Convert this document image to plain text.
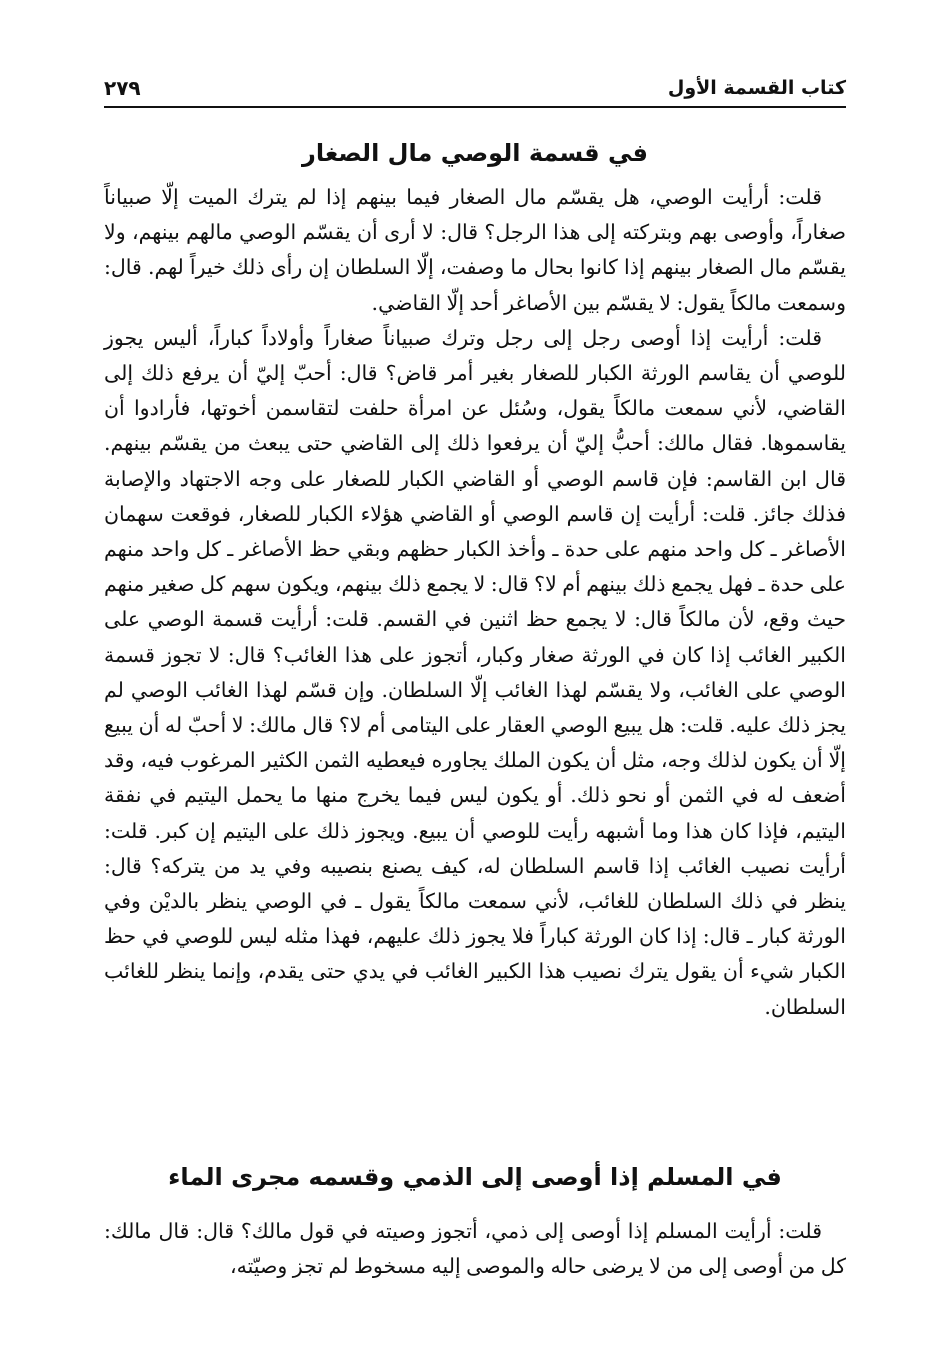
كتاب القسمة الأول
٢٧٩
في قسمة الوصي مال الصغار

قلت: أرأيت الوصي، هل يقسّم مال الصغار فيما بينهم إذا لم يترك الميت إلّا صبياناً صغاراً، وأوصى بهم وبتركته إلى هذا الرجل؟ قال: لا أرى أن يقسّم الوصي مالهم بينهم، ولا يقسّم مال الصغار بينهم إذا كانوا بحال ما وصفت، إلّا السلطان إن رأى ذلك خيراً لهم. قال: وسمعت مالكاً يقول: لا يقسّم بين الأصاغر أحد إلّا القاضي.

قلت: أرأيت إذا أوصى رجل إلى رجل وترك صبياناً صغاراً وأولاداً كباراً، أليس يجوز للوصي أن يقاسم الورثة الكبار للصغار بغير أمر قاض؟ قال: أحبّ إليّ أن يرفع ذلك إلى القاضي، لأني سمعت مالكاً يقول، وسُئل عن امرأة حلفت لتقاسمن أخوتها، فأرادوا أن يقاسموها. فقال مالك: أحبُّ إليّ أن يرفعوا ذلك إلى القاضي حتى يبعث من يقسّم بينهم. قال ابن القاسم: فإن قاسم الوصي أو القاضي الكبار للصغار على وجه الاجتهاد والإصابة فذلك جائز. قلت: أرأيت إن قاسم الوصي أو القاضي هؤلاء الكبار للصغار، فوقعت سهمان الأصاغر ـ كل واحد منهم على حدة ـ وأخذ الكبار حظهم وبقي حظ الأصاغر ـ كل واحد منهم على حدة ـ فهل يجمع ذلك بينهم أم لا؟ قال: لا يجمع ذلك بينهم، ويكون سهم كل صغير منهم حيث وقع، لأن مالكاً قال: لا يجمع حظ اثنين في القسم. قلت: أرأيت قسمة الوصي على الكبير الغائب إذا كان في الورثة صغار وكبار، أتجوز على هذا الغائب؟ قال: لا تجوز قسمة الوصي على الغائب، ولا يقسّم لهذا الغائب إلّا السلطان. وإن قسّم لهذا الغائب الوصي لم يجز ذلك عليه. قلت: هل يبيع الوصي العقار على اليتامى أم لا؟ قال مالك: لا أحبّ له أن يبيع إلّا أن يكون لذلك وجه، مثل أن يكون الملك يجاوره فيعطيه الثمن الكثير المرغوب فيه، وقد أضعف له في الثمن أو نحو ذلك. أو يكون ليس فيما يخرج منها ما يحمل اليتيم في نفقة اليتيم، فإذا كان هذا وما أشبهه رأيت للوصي أن يبيع. ويجوز ذلك على اليتيم إن كبر. قلت: أرأيت نصيب الغائب إذا قاسم السلطان له، كيف يصنع بنصيبه وفي يد من يتركه؟ قال: ينظر في ذلك السلطان للغائب، لأني سمعت مالكاً يقول ـ في الوصي ينظر بالديْن وفي الورثة كبار ـ قال: إذا كان الورثة كباراً فلا يجوز ذلك عليهم، فهذا مثله ليس للوصي في حظ الكبار شيء أن يقول يترك نصيب هذا الكبير الغائب في يدي حتى يقدم، وإنما ينظر للغائب السلطان.

في المسلم إذا أوصى إلى الذمي وقسمه مجرى الماء

قلت: أرأيت المسلم إذا أوصى إلى ذمي، أتجوز وصيته في قول مالك؟ قال: قال مالك: كل من أوصى إلى من لا يرضى حاله والموصى إليه مسخوط لم تجز وصيّته،
